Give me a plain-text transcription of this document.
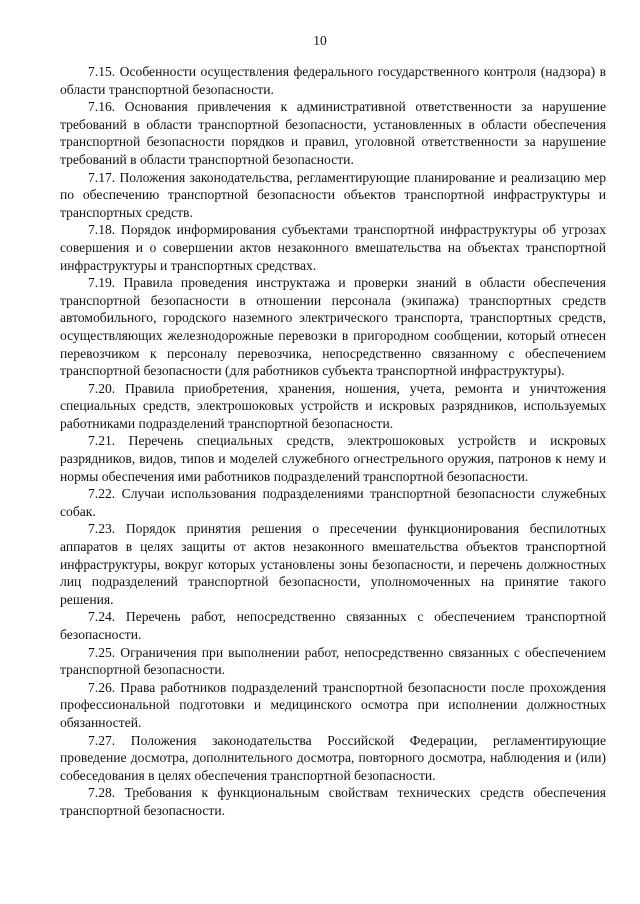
10

7.15. Особенности осуществления федерального государственного контроля (надзора) в области транспортной безопасности.

7.16. Основания привлечения к административной ответственности за нарушение требований в области транспортной безопасности, установленных в области обеспечения транспортной безопасности порядков и правил, уголовной ответственности за нарушение требований в области транспортной безопасности.

7.17. Положения законодательства, регламентирующие планирование и реализацию мер по обеспечению транспортной безопасности объектов транспортной инфраструктуры и транспортных средств.

7.18. Порядок информирования субъектами транспортной инфраструктуры об угрозах совершения и о совершении актов незаконного вмешательства на объектах транспортной инфраструктуры и транспортных средствах.

7.19. Правила проведения инструктажа и проверки знаний в области обеспечения транспортной безопасности в отношении персонала (экипажа) транспортных средств автомобильного, городского наземного электрического транспорта, транспортных средств, осуществляющих железнодорожные перевозки в пригородном сообщении, который отнесен перевозчиком к персоналу перевозчика, непосредственно связанному с обеспечением транспортной безопасности (для работников субъекта транспортной инфраструктуры).

7.20. Правила приобретения, хранения, ношения, учета, ремонта и уничтожения специальных средств, электрошоковых устройств и искровых разрядников, используемых работниками подразделений транспортной безопасности.

7.21. Перечень специальных средств, электрошоковых устройств и искровых разрядников, видов, типов и моделей служебного огнестрельного оружия, патронов к нему и нормы обеспечения ими работников подразделений транспортной безопасности.

7.22. Случаи использования подразделениями транспортной безопасности служебных собак.

7.23. Порядок принятия решения о пресечении функционирования беспилотных аппаратов в целях защиты от актов незаконного вмешательства объектов транспортной инфраструктуры, вокруг которых установлены зоны безопасности, и перечень должностных лиц подразделений транспортной безопасности, уполномоченных на принятие такого решения.

7.24. Перечень работ, непосредственно связанных с обеспечением транспортной безопасности.

7.25. Ограничения при выполнении работ, непосредственно связанных с обеспечением транспортной безопасности.

7.26. Права работников подразделений транспортной безопасности после прохождения профессиональной подготовки и медицинского осмотра при исполнении должностных обязанностей.

7.27. Положения законодательства Российской Федерации, регламентирующие проведение досмотра, дополнительного досмотра, повторного досмотра, наблюдения и (или) собеседования в целях обеспечения транспортной безопасности.

7.28. Требования к функциональным свойствам технических средств обеспечения транспортной безопасности.
